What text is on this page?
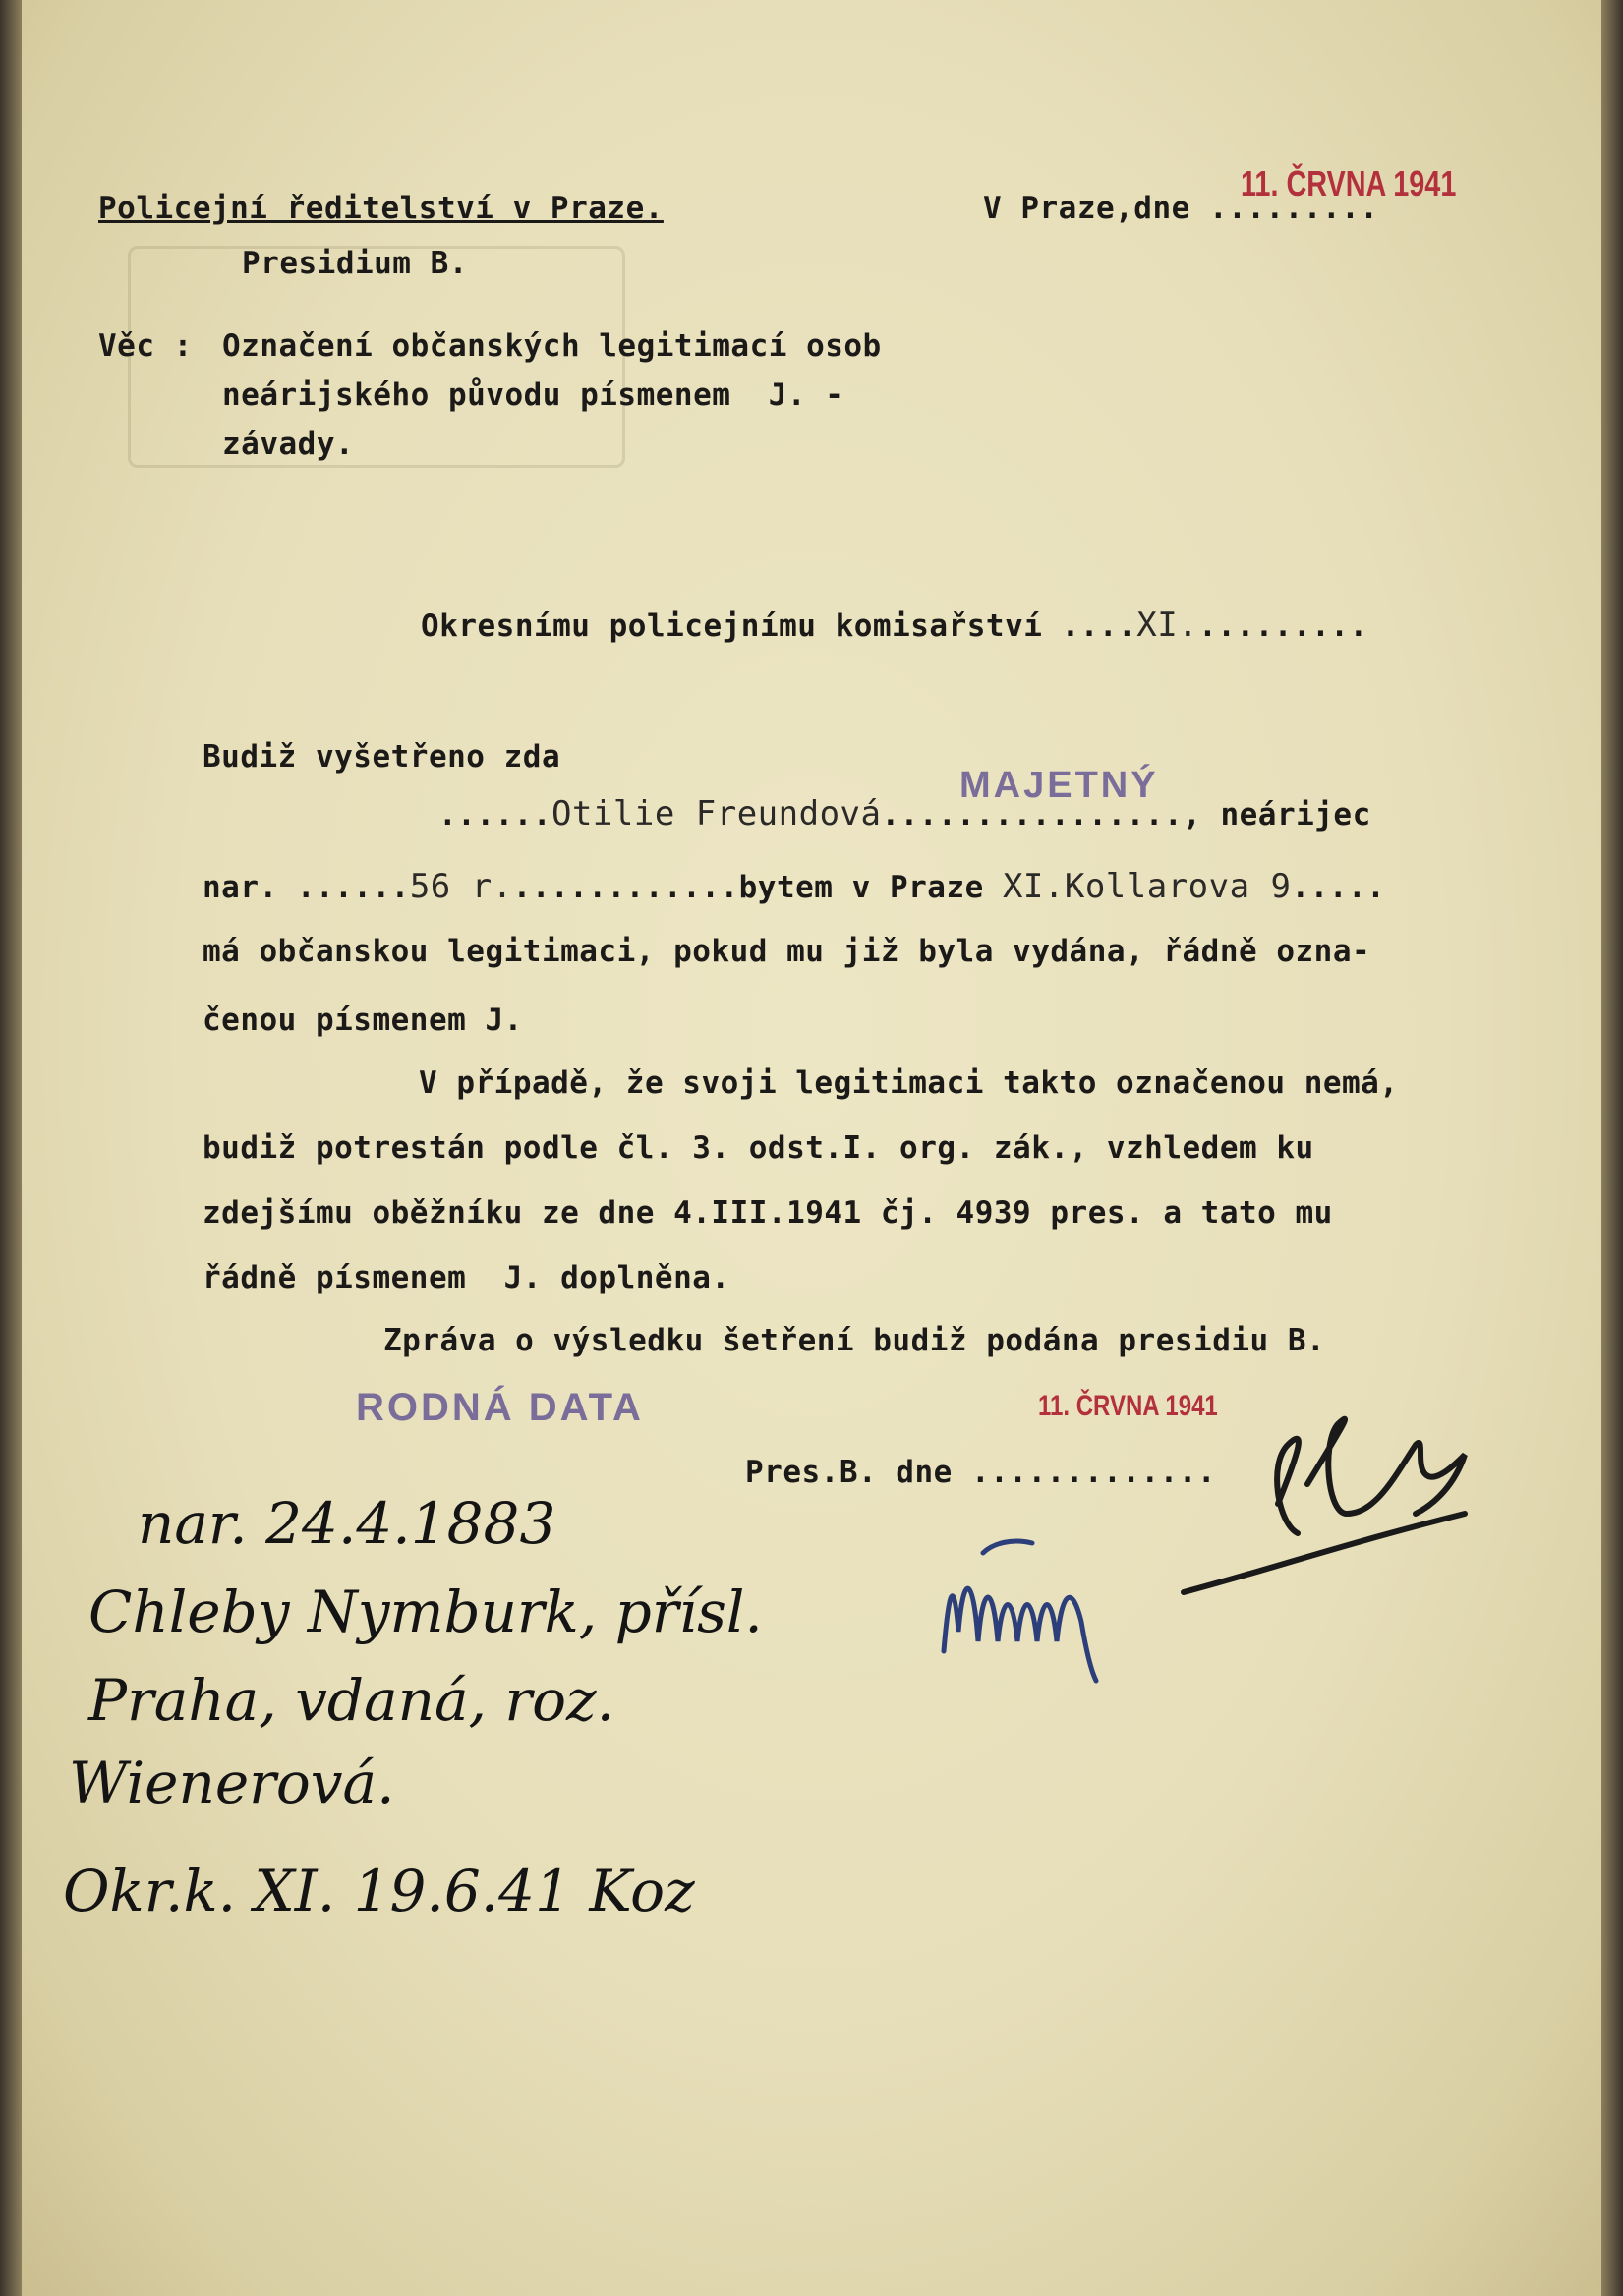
Policejní ředitelství v Praze.
Presidium B.
V Praze,dne .........
11. ČRVNA 1941
Věc : Označení občanských legitimací osob
neárijského původu písmenem  J. -
závady.
Okresnímu policejnímu komisařství ....XI..........
Budiž vyšetřeno zda
MAJETNÝ
......Otilie Freundová................, neárijec
nar. ......56 r.............bytem v Praze XI.Kollarova 9.....
má občanskou legitimaci, pokud mu již byla vydána, řádně ozna-
čenou písmenem J.
V případě, že svoji legitimaci takto označenou nemá,
budiž potrestán podle čl. 3. odst.I. org. zák., vzhledem ku
zdejšímu oběžníku ze dne 4.III.1941 čj. 4939 pres. a tato mu
řádně písmenem  J. doplněna.
Zpráva o výsledku šetření budiž podána presidiu B.
RODNÁ DATA	11. ČRVNA 1941
Pres.B. dne .............
nar. 24.4.1883
Chleby Nymburk, přísl.
Praha, vdaná, roz.
Wienerová.
Okr.k. XI. 19.6.41 Koz
